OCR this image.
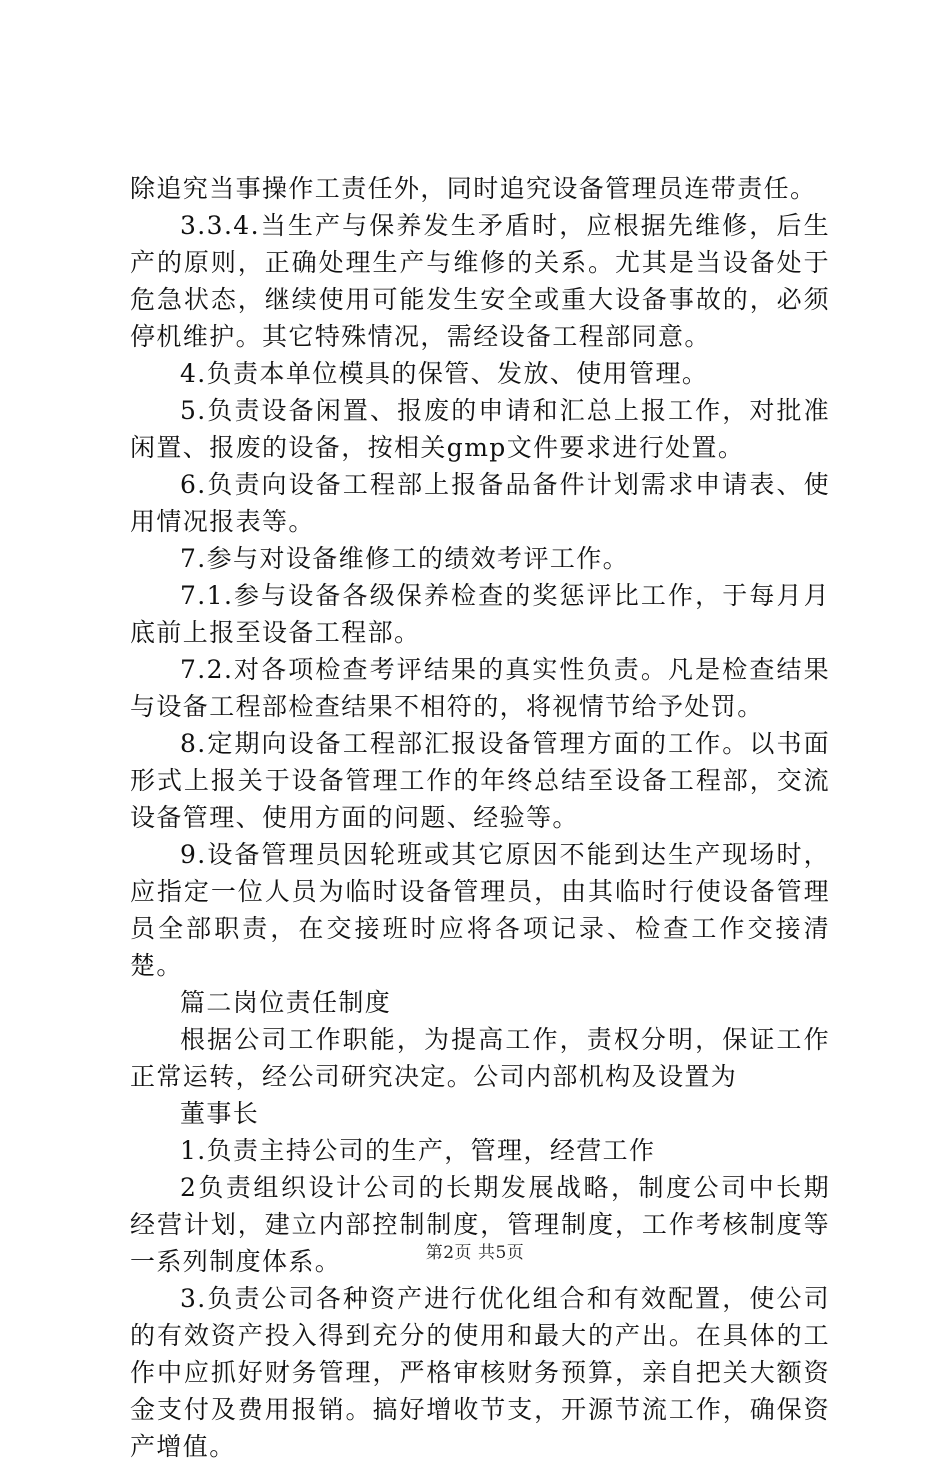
除追究当事操作工责任外，同时追究设备管理员连带责任。

3.3.4.当生产与保养发生矛盾时，应根据先维修，后生产的原则，正确处理生产与维修的关系。尤其是当设备处于危急状态，继续使用可能发生安全或重大设备事故的，必须停机维护。其它特殊情况，需经设备工程部同意。

4.负责本单位模具的保管、发放、使用管理。

5.负责设备闲置、报废的申请和汇总上报工作，对批准闲置、报废的设备，按相关gmp文件要求进行处置。

6.负责向设备工程部上报备品备件计划需求申请表、使用情况报表等。

7.参与对设备维修工的绩效考评工作。

7.1.参与设备各级保养检查的奖惩评比工作，于每月月底前上报至设备工程部。

7.2.对各项检查考评结果的真实性负责。凡是检查结果与设备工程部检查结果不相符的，将视情节给予处罚。

8.定期向设备工程部汇报设备管理方面的工作。以书面形式上报关于设备管理工作的年终总结至设备工程部，交流设备管理、使用方面的问题、经验等。

9.设备管理员因轮班或其它原因不能到达生产现场时，应指定一位人员为临时设备管理员，由其临时行使设备管理员全部职责，在交接班时应将各项记录、检查工作交接清楚。

篇二岗位责任制度

根据公司工作职能，为提高工作，责权分明，保证工作正常运转，经公司研究决定。公司内部机构及设置为

董事长

1.负责主持公司的生产，管理，经营工作

2负责组织设计公司的长期发展战略，制度公司中长期经营计划，建立内部控制制度，管理制度，工作考核制度等一系列制度体系。

3.负责公司各种资产进行优化组合和有效配置，使公司的有效资产投入得到充分的使用和最大的产出。在具体的工作中应抓好财务管理，严格审核财务预算，亲自把关大额资金支付及费用报销。搞好增收节支，开源节流工作，确保资产增值。

第2页 共5页
